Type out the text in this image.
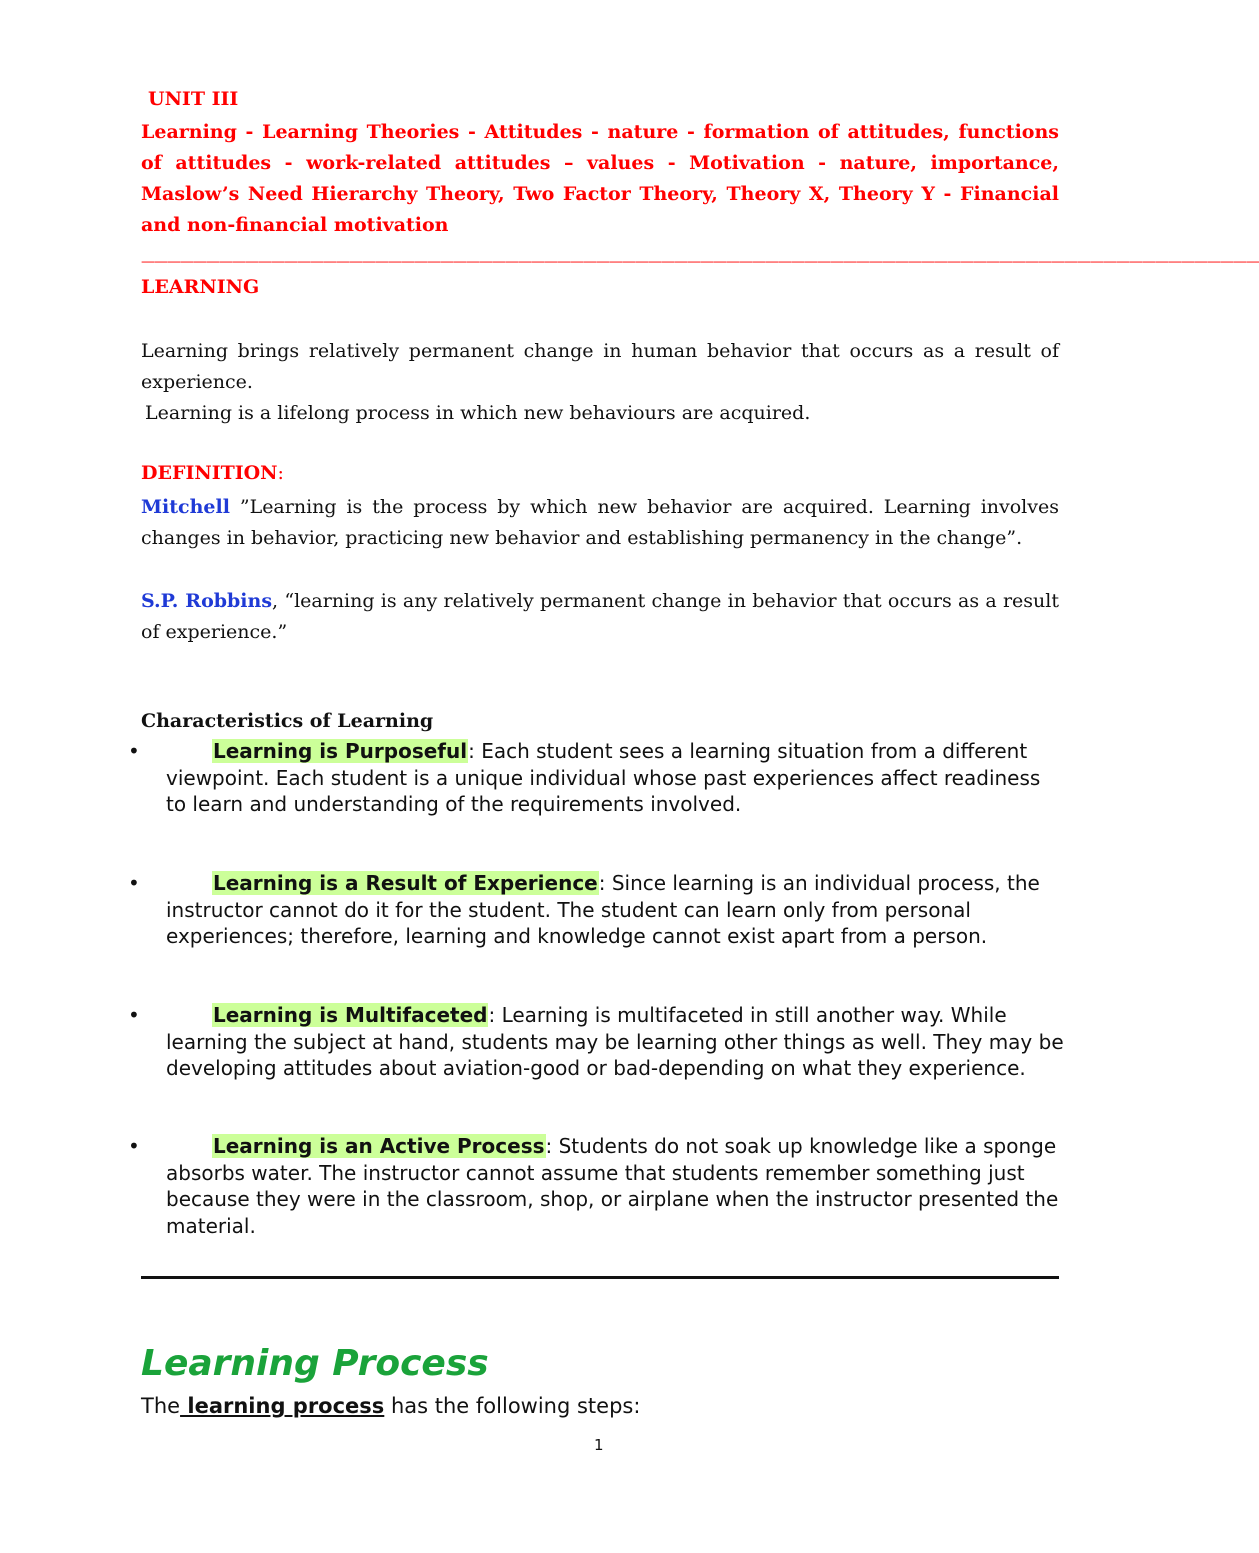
UNIT III
Learning - Learning Theories - Attitudes - nature - formation of attitudes, functions of attitudes - work-related attitudes – values - Motivation - nature, importance, Maslow’s Need Hierarchy Theory, Two Factor Theory, Theory X, Theory Y - Financial and non-financial motivation
——————————————————————————————————————————————————————————————————————————————————————
LEARNING
Learning brings relatively permanent change in human behavior that occurs as a result of experience.
Learning is a lifelong process in which new behaviours are acquired.
DEFINITION:
Mitchell ”Learning is the process by which new behavior are acquired. Learning involves changes in behavior, practicing new behavior and establishing permanency in the change”.
S.P. Robbins, “learning is any relatively permanent change in behavior that occurs as a result of experience.”
Characteristics of Learning
•	Learning is Purposeful: Each student sees a learning situation from a different viewpoint. Each student is a unique individual whose past experiences affect readiness to learn and understanding of the requirements involved.
•	Learning is a Result of Experience: Since learning is an individual process, the instructor cannot do it for the student. The student can learn only from personal experiences; therefore, learning and knowledge cannot exist apart from a person.
•	Learning is Multifaceted: Learning is multifaceted in still another way. While learning the subject at hand, students may be learning other things as well. They may be developing attitudes about aviation-good or bad-depending on what they experience.
•	Learning is an Active Process: Students do not soak up knowledge like a sponge absorbs water. The instructor cannot assume that students remember something just because they were in the classroom, shop, or airplane when the instructor presented the material.
Learning Process
The learning process has the following steps:
1
